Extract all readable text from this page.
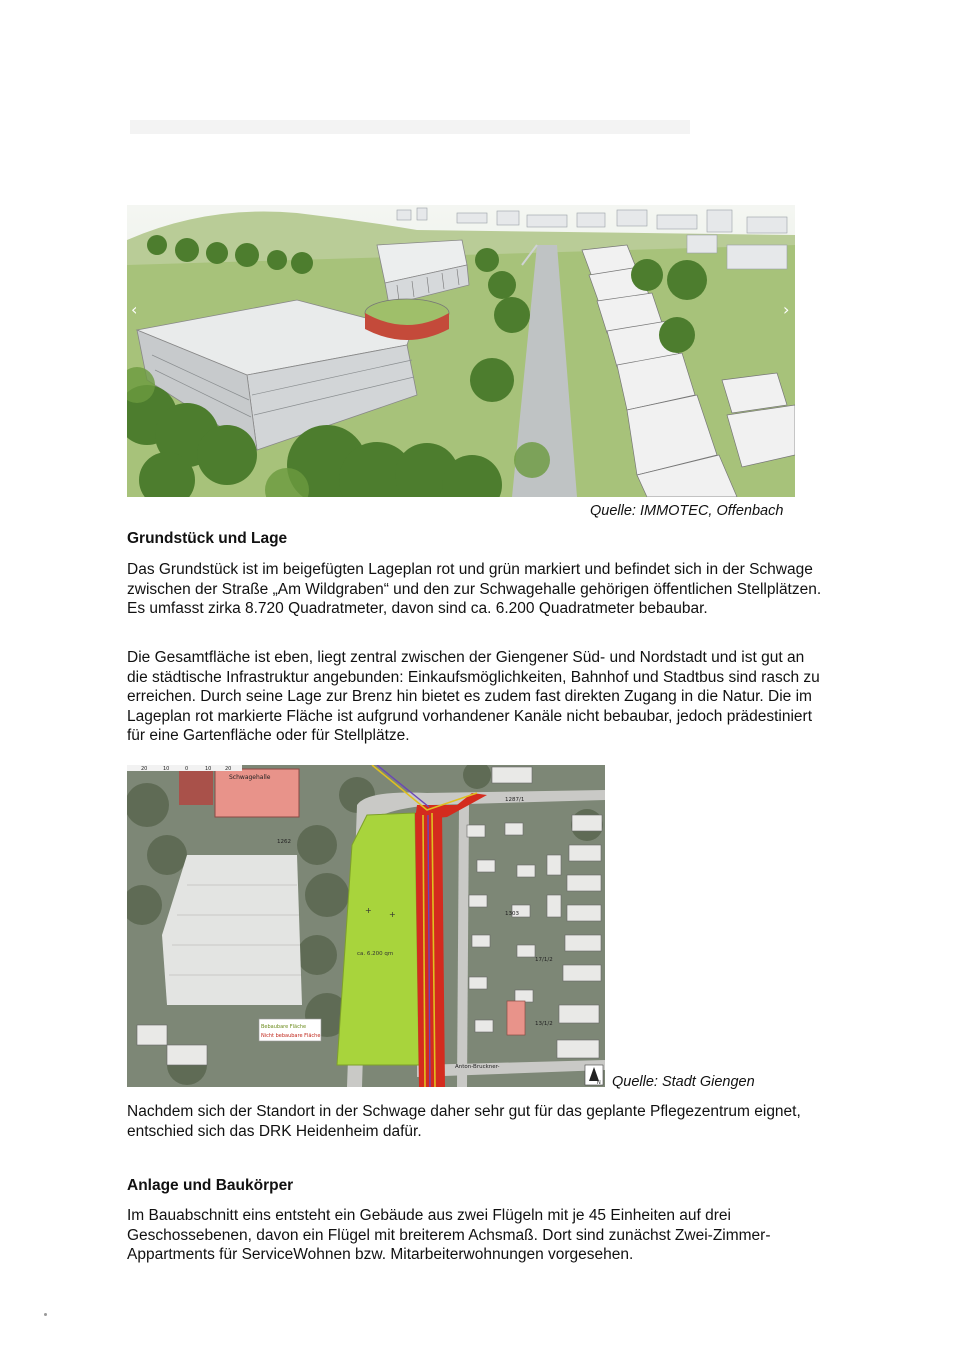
‹	›
Quelle: IMMOTEC, Offenbach
Grundstück und Lage

Das Grundstück ist im beigefügten Lageplan rot und grün markiert und befindet sich in der Schwage zwischen der Straße „Am Wildgraben“ und den zur Schwagehalle gehörigen öffentlichen Stellplätzen. Es umfasst zirka 8.720 Quadratmeter, davon sind ca. 6.200 Quadratmeter bebaubar.

Die Gesamtfläche ist eben, liegt zentral zwischen der Giengener Süd- und Nordstadt und ist gut an die städtische Infrastruktur angebunden: Einkaufsmöglichkeiten, Bahnhof und Stadtbus sind rasch zu erreichen. Durch seine Lage zur Brenz hin bietet es zudem fast direkten Zugang in die Natur. Die im Lageplan rot markierte Fläche ist aufgrund vorhandener Kanäle nicht bebaubar, jedoch prädestiniert für eine Gartenfläche oder für Stellplätze.

Schwagehalle
20	10	0	10	20
+ +
ca. 6.200 qm
1262
1303
1287/1
17/1/2
13/1/2
Anton-Bruckner-
Bebaubare Fläche
Nicht bebaubare Fläche
N Quelle: Stadt Giengen

Nachdem sich der Standort in der Schwage daher sehr gut für das geplante Pflegezentrum eignet, entschied sich das DRK Heidenheim dafür.

Anlage und Baukörper

Im Bauabschnitt eins entsteht ein Gebäude aus zwei Flügeln mit je 45 Einheiten auf drei Geschossebenen, davon ein Flügel mit breiterem Achsmaß. Dort sind zunächst Zwei-Zimmer-Appartments für ServiceWohnen bzw. Mitarbeiterwohnungen vorgesehen.
